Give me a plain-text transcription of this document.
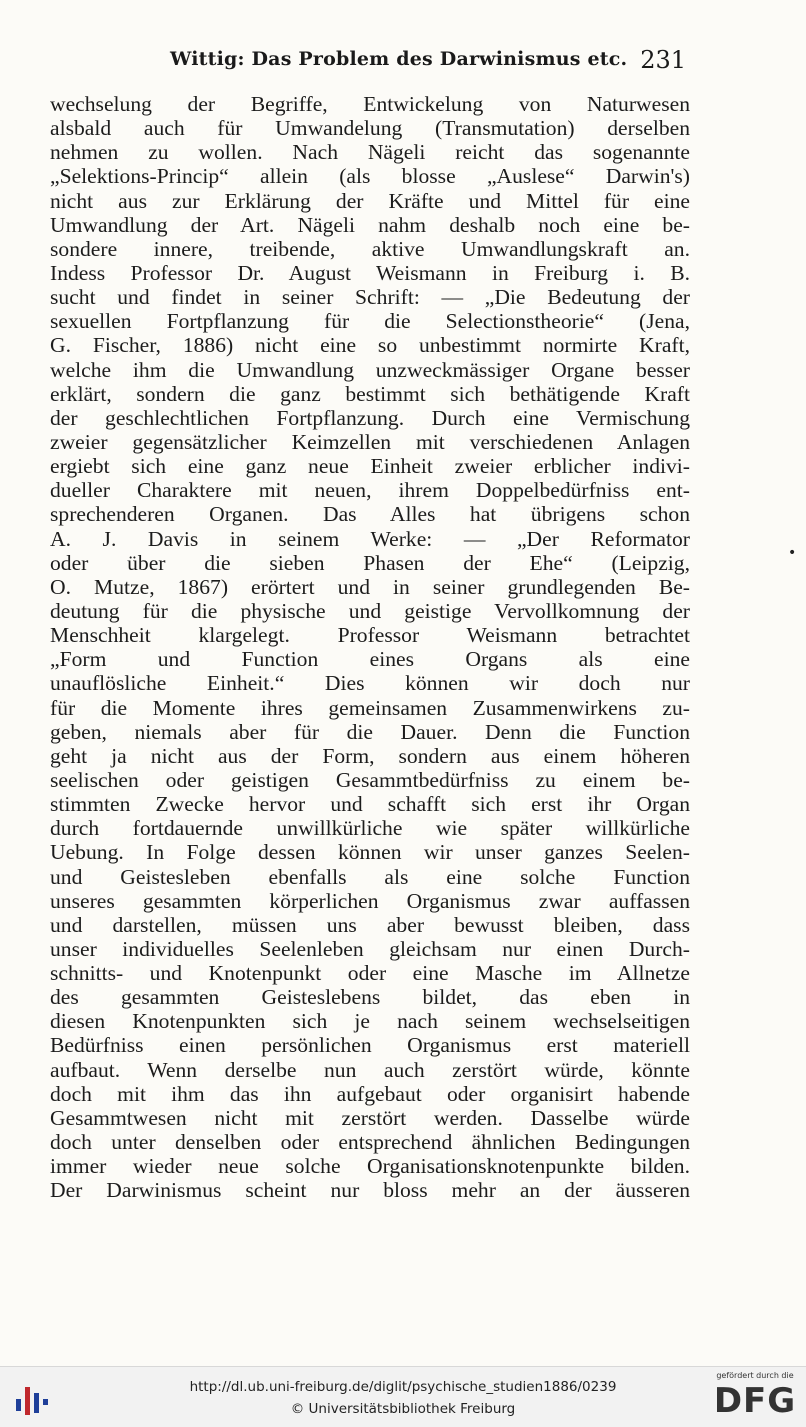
Wittig: Das Problem des Darwinismus etc. 231
wechselung der Begriffe, Entwickelung von Naturwesen
alsbald auch für Umwandelung (Transmutation) derselben
nehmen zu wollen. Nach Nägeli reicht das sogenannte
„Selektions-Princip“ allein (als blosse „Auslese“ Darwin's)
nicht aus zur Erklärung der Kräfte und Mittel für eine
Umwandlung der Art. Nägeli nahm deshalb noch eine be-
sondere innere, treibende, aktive Umwandlungskraft an.
Indess Professor Dr. August Weismann in Freiburg i. B.
sucht und findet in seiner Schrift: — „Die Bedeutung der
sexuellen Fortpflanzung für die Selectionstheorie“ (Jena,
G. Fischer, 1886) nicht eine so unbestimmt normirte Kraft,
welche ihm die Umwandlung unzweckmässiger Organe besser
erklärt, sondern die ganz bestimmt sich bethätigende Kraft
der geschlechtlichen Fortpflanzung. Durch eine Vermischung
zweier gegensätzlicher Keimzellen mit verschiedenen Anlagen
ergiebt sich eine ganz neue Einheit zweier erblicher indivi-
dueller Charaktere mit neuen, ihrem Doppelbedürfniss ent-
sprechenderen Organen. Das Alles hat übrigens schon
A. J. Davis in seinem Werke: — „Der Reformator
oder über die sieben Phasen der Ehe“ (Leipzig,
O. Mutze, 1867) erörtert und in seiner grundlegenden Be-
deutung für die physische und geistige Vervollkomnung der
Menschheit klargelegt. Professor Weismann betrachtet
„Form und Function eines Organs als eine
unauflösliche Einheit.“ Dies können wir doch nur
für die Momente ihres gemeinsamen Zusammenwirkens zu-
geben, niemals aber für die Dauer. Denn die Function
geht ja nicht aus der Form, sondern aus einem höheren
seelischen oder geistigen Gesammtbedürfniss zu einem be-
stimmten Zwecke hervor und schafft sich erst ihr Organ
durch fortdauernde unwillkürliche wie später willkürliche
Uebung. In Folge dessen können wir unser ganzes Seelen-
und Geistesleben ebenfalls als eine solche Function
unseres gesammten körperlichen Organismus zwar auffassen
und darstellen, müssen uns aber bewusst bleiben, dass
unser individuelles Seelenleben gleichsam nur einen Durch-
schnitts- und Knotenpunkt oder eine Masche im Allnetze
des gesammten Geisteslebens bildet, das eben in
diesen Knotenpunkten sich je nach seinem wechselseitigen
Bedürfniss einen persönlichen Organismus erst materiell
aufbaut. Wenn derselbe nun auch zerstört würde, könnte
doch mit ihm das ihn aufgebaut oder organisirt habende
Gesammtwesen nicht mit zerstört werden. Dasselbe würde
doch unter denselben oder entsprechend ähnlichen Bedingungen
immer wieder neue solche Organisationsknotenpunkte bilden.
Der Darwinismus scheint nur bloss mehr an der äusseren
•
http://dl.ub.uni-freiburg.de/diglit/psychische_studien1886/0239
© Universitätsbibliothek Freiburg
gefördert durch die
DFG
